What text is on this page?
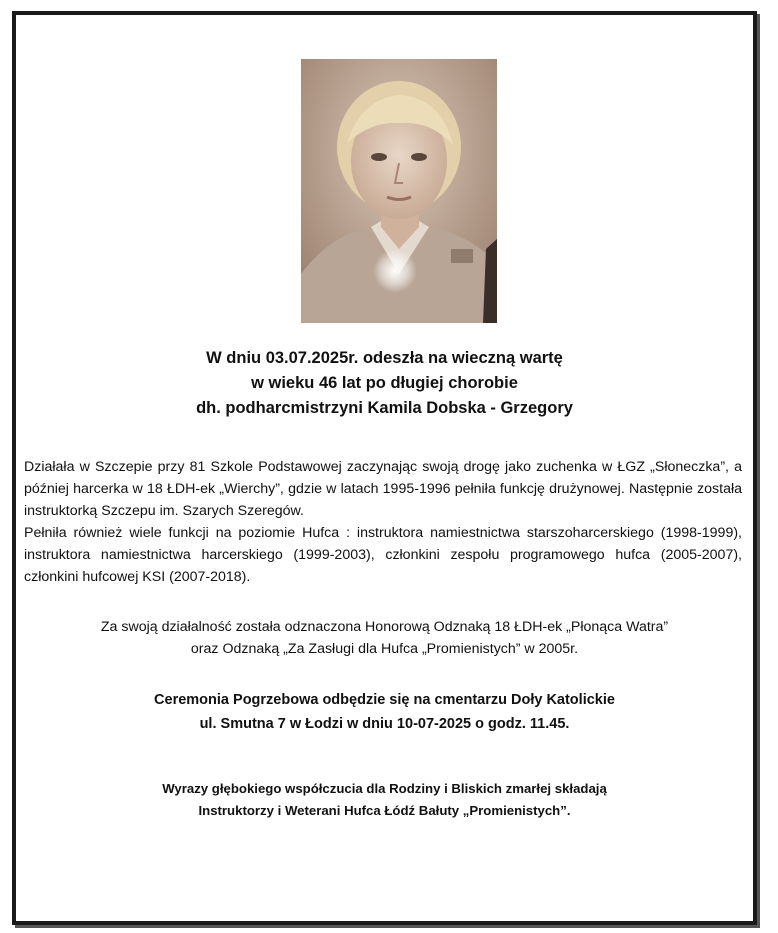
W dniu 03.07.2025r. odeszła na wieczną wartę
w wieku 46 lat po długiej chorobie
dh. podharcmistrzyni Kamila Dobska - Grzegory

Działała w Szczepie przy 81 Szkole Podstawowej zaczynając swoją drogę jako zuchenka w ŁGZ „Słoneczka”, a później harcerka w 18 ŁDH-ek „Wierchy”, gdzie w latach 1995-1996 pełniła funkcję drużynowej. Następnie została instruktorką Szczepu im. Szarych Szeregów.

Pełniła również wiele funkcji na poziomie Hufca : instruktora namiestnictwa starszoharcerskiego (1998-1999), instruktora namiestnictwa harcerskiego (1999-2003), członkini zespołu programowego hufca (2005-2007), członkini hufcowej KSI (2007-2018).

Za swoją działalność została odznaczona Honorową Odznaką 18 ŁDH-ek „Płonąca Watra”
oraz Odznaką „Za Zasługi dla Hufca „Promienistych” w 2005r.
Ceremonia Pogrzebowa odbędzie się na cmentarzu Doły Katolickie
ul. Smutna 7 w Łodzi w dniu 10-07-2025 o godz. 11.45.
Wyrazy głębokiego współczucia dla Rodziny i Bliskich zmarłej składają
Instruktorzy i Weterani Hufca Łódź Bałuty „Promienistych”.
